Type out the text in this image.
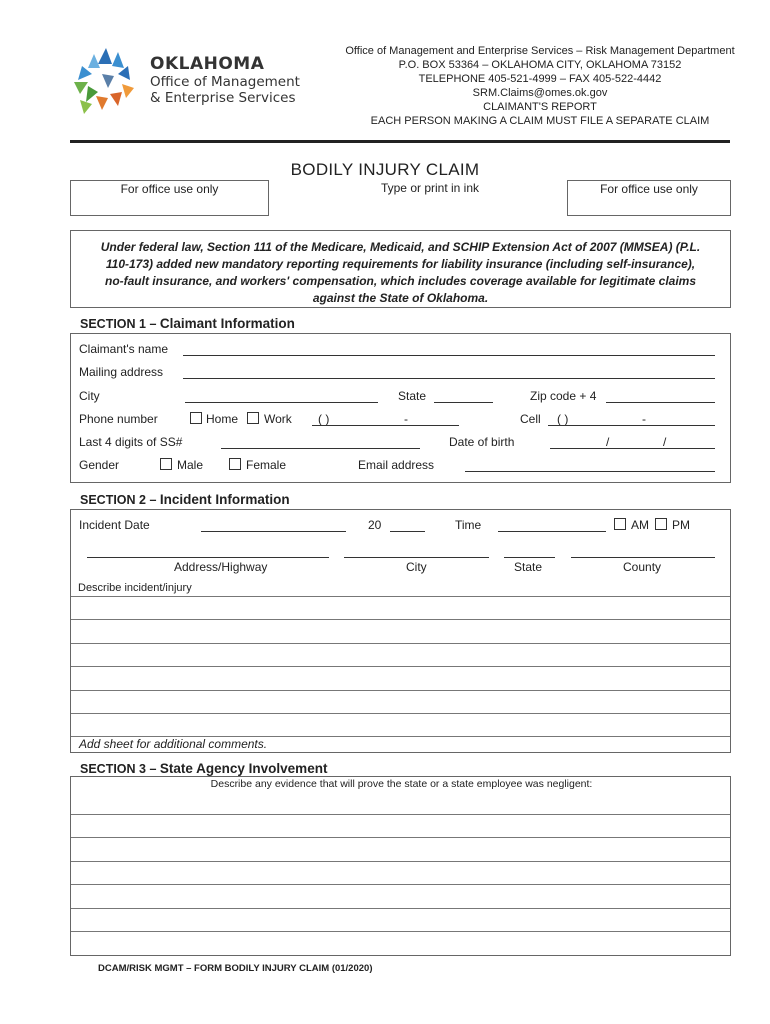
OKLAHOMA
Office of Management
& Enterprise Services
Office of Management and Enterprise Services – Risk Management Department
P.O. BOX 53364 – OKLAHOMA CITY, OKLAHOMA 73152
TELEPHONE 405-521-4999 – FAX 405-522-4442
SRM.Claims@omes.ok.gov
CLAIMANT'S REPORT
EACH PERSON MAKING A CLAIM MUST FILE A SEPARATE CLAIM
BODILY INJURY CLAIM
For office use only	Type or print in ink	For office use only
Under federal law, Section 111 of the Medicare, Medicaid, and SCHIP Extension Act of 2007 (MMSEA) (P.L. 110-173) added new mandatory reporting requirements for liability insurance (including self-insurance), no-fault insurance, and workers' compensation, which includes coverage available for legitimate claims against the State of Oklahoma.
SECTION 1 – Claimant Information
Claimant's name
Mailing address
City	State	Zip code + 4
Phone number	Home Work ( )	-	Cell ( )	-
Last 4 digits of SS#	Date of birth	/	/
Gender	Male	Female	Email address
SECTION 2 – Incident Information
Incident Date	20	Time	AM PM
Address/Highway	City	State	County
Describe incident/injury
Add sheet for additional comments.
SECTION 3 – State Agency Involvement
Describe any evidence that will prove the state or a state employee was negligent:
DCAM/RISK MGMT – FORM BODILY INJURY CLAIM (01/2020)
